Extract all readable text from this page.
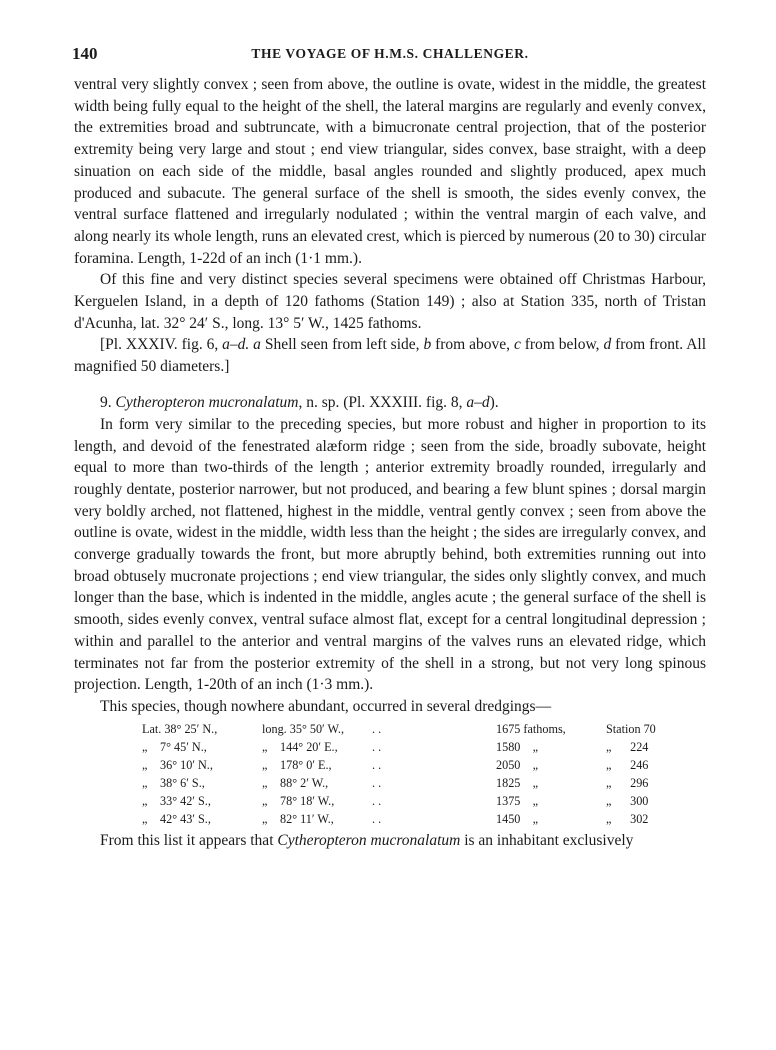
140	THE VOYAGE OF H.M.S. CHALLENGER.

ventral very slightly convex ; seen from above, the outline is ovate, widest in the middle, the greatest width being fully equal to the height of the shell, the lateral margins are regularly and evenly convex, the extremities broad and subtruncate, with a bimucronate central projection, that of the posterior extremity being very large and stout ; end view triangular, sides convex, base straight, with a deep sinuation on each side of the middle, basal angles rounded and slightly produced, apex much produced and subacute. The general surface of the shell is smooth, the sides evenly convex, the ventral surface flattened and irregularly nodulated ; within the ventral margin of each valve, and along nearly its whole length, runs an elevated crest, which is pierced by numerous (20 to 30) circular foramina. Length, 1-22d of an inch (1·1 mm.).

Of this fine and very distinct species several specimens were obtained off Christmas Harbour, Kerguelen Island, in a depth of 120 fathoms (Station 149) ; also at Station 335, north of Tristan d'Acunha, lat. 32° 24′ S., long. 13° 5′ W., 1425 fathoms.

[Pl. XXXIV. fig. 6, a–d. a Shell seen from left side, b from above, c from below, d from front. All magnified 50 diameters.]

9. Cytheropteron mucronalatum, n. sp. (Pl. XXXIII. fig. 8, a–d).

In form very similar to the preceding species, but more robust and higher in proportion to its length, and devoid of the fenestrated alæform ridge ; seen from the side, broadly subovate, height equal to more than two-thirds of the length ; anterior extremity broadly rounded, irregularly and roughly dentate, posterior narrower, but not produced, and bearing a few blunt spines ; dorsal margin very boldly arched, not flattened, highest in the middle, ventral gently convex ; seen from above the outline is ovate, widest in the middle, width less than the height ; the sides are irregularly convex, and converge gradually towards the front, but more abruptly behind, both extremities running out into broad obtusely mucronate projections ; end view triangular, the sides only slightly convex, and much longer than the base, which is indented in the middle, angles acute ; the general surface of the shell is smooth, sides evenly convex, ventral suface almost flat, except for a central longitudinal depression ; within and parallel to the anterior and ventral margins of the valves runs an elevated ridge, which terminates not far from the posterior extremity of the shell in a strong, but not very long spinous projection. Length, 1-20th of an inch (1·3 mm.).

This species, though nowhere abundant, occurred in several dredgings—

Lat. 38° 25′ N.,	long. 35° 50′ W.,	. .	1675 fathoms,	Station 70
„ 7° 45′ N.,	„ 144° 20′ E.,	. .	1580 „	„ 224
„ 36° 10′ N.,	„ 178° 0′ E.,	. .	2050 „	„ 246
„ 38° 6′ S.,	„ 88° 2′ W.,	. .	1825 „	„ 296
„ 33° 42′ S.,	„ 78° 18′ W.,	. .	1375 „	„ 300
„ 42° 43′ S.,	„ 82° 11′ W.,	. .	1450 „	„ 302

From this list it appears that Cytheropteron mucronalatum is an inhabitant exclusively
